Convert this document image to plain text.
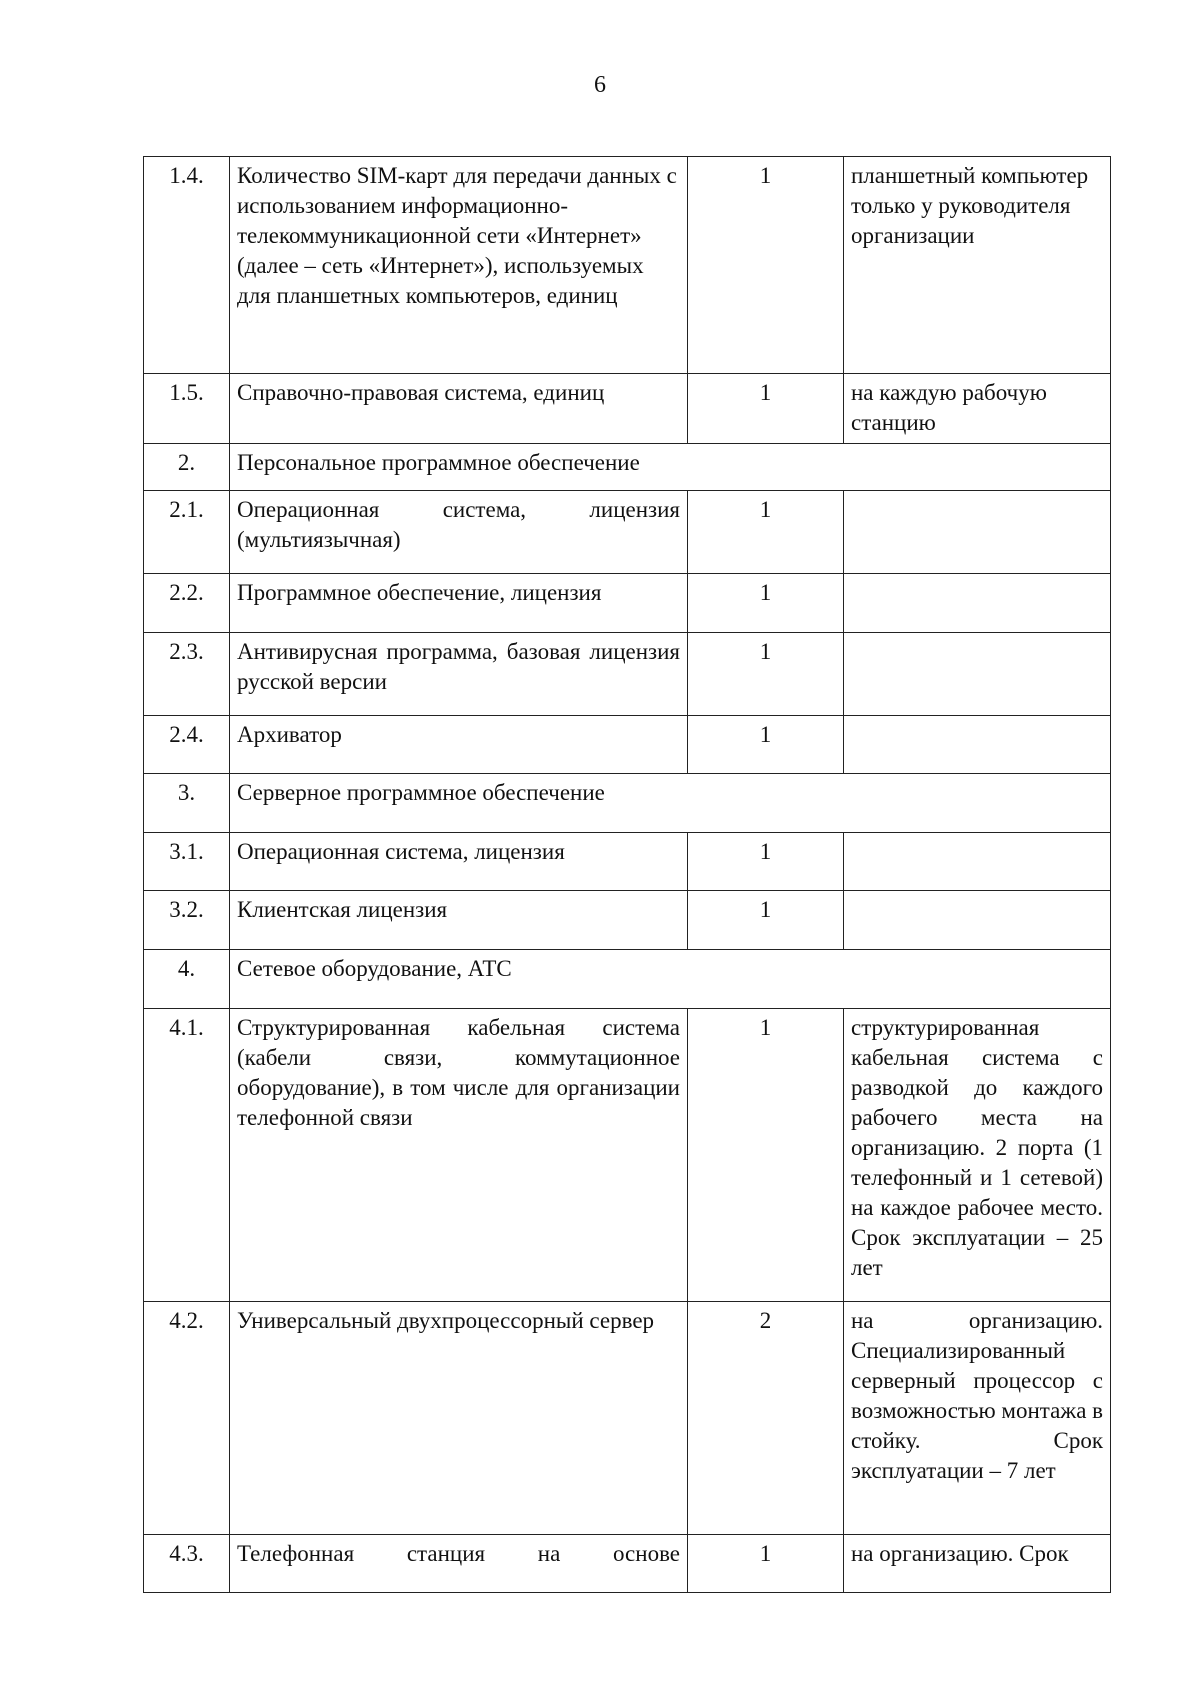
6
1.4.	Количество SIM-карт для передачи данных с использованием информационно-телекоммуникационной сети «Интернет» (далее – сеть «Интернет»), используемых для планшетных компьютеров, единиц	1	планшетный компьютер только у руководителя организации
1.5.	Справочно-правовая система, единиц	1	на каждую рабочую станцию
2.	Персональное программное обеспечение		
2.1.	Операционная система, лицензия (мультиязычная)	1	
2.2.	Программное обеспечение, лицензия	1	
2.3.	Антивирусная программа, базовая лицензия русской версии	1	
2.4.	Архиватор	1	
3.	Серверное программное обеспечение		
3.1.	Операционная система, лицензия	1	
3.2.	Клиентская лицензия	1	
4.	Сетевое оборудование, АТС		
4.1.	Структурированная кабельная система (кабели связи, коммутационное оборудование), в том числе для организации телефонной связи	1	структурированная кабельная система с разводкой до каждого рабочего места на организацию. 2 порта (1 телефонный и 1 сетевой) на каждое рабочее место. Срок эксплуатации – 25 лет
4.2.	Универсальный двухпроцессорный сервер	2	на организацию. Специализированный серверный процессор с возможностью монтажа в стойку. Срок эксплуатации – 7 лет
4.3.	Телефонная станция на основе	1	на организацию. Срок
